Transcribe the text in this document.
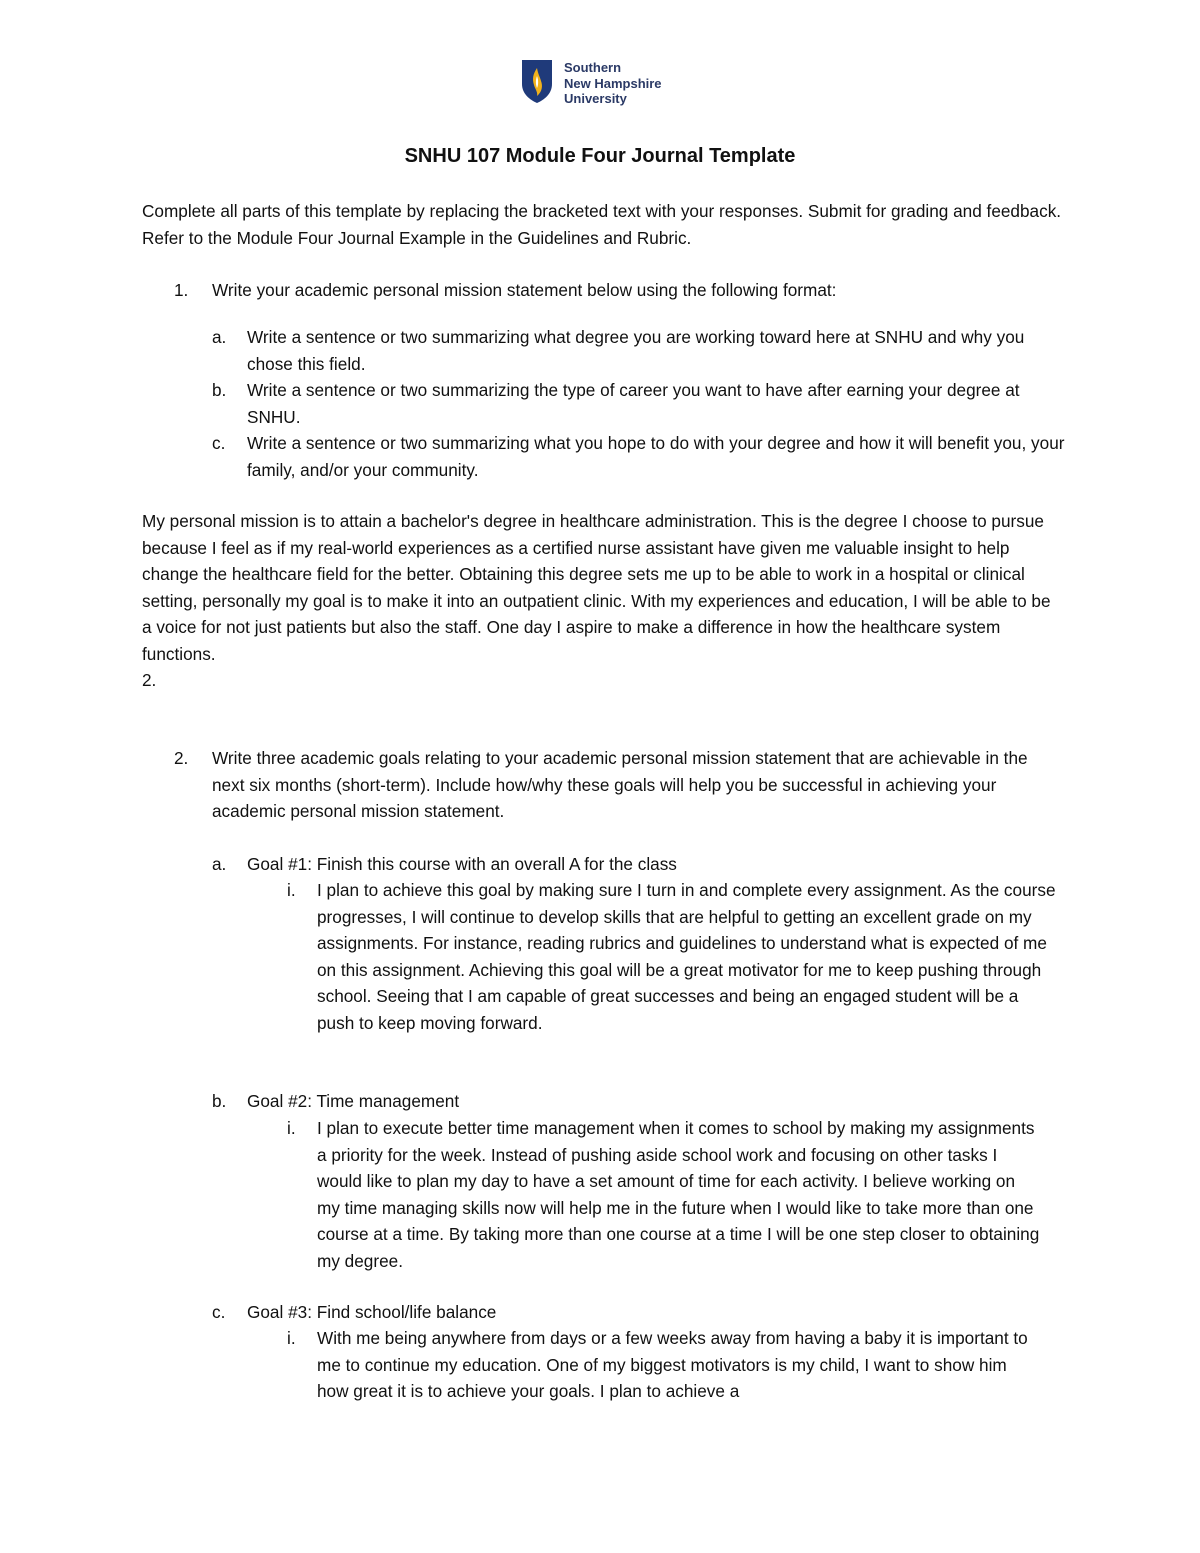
Southern
New Hampshire
University
SNHU 107 Module Four Journal Template
Complete all parts of this template by replacing the bracketed text with your responses. Submit for grading and feedback. Refer to the Module Four Journal Example in the Guidelines and Rubric.
1. Write your academic personal mission statement below using the following format:
a. Write a sentence or two summarizing what degree you are working toward here at SNHU and why you chose this field.
b. Write a sentence or two summarizing the type of career you want to have after earning your degree at SNHU.
c. Write a sentence or two summarizing what you hope to do with your degree and how it will benefit you, your family, and/or your community.
My personal mission is to attain a bachelor's degree in healthcare administration. This is the degree I choose to pursue because I feel as if my real-world experiences as a certified nurse assistant have given me valuable insight to help change the healthcare field for the better. Obtaining this degree sets me up to be able to work in a hospital or clinical setting, personally my goal is to make it into an outpatient clinic. With my experiences and education, I will be able to be a voice for not just patients but also the staff. One day I aspire to make a difference in how the healthcare system functions.
2.
2. Write three academic goals relating to your academic personal mission statement that are achievable in the next six months (short-term). Include how/why these goals will help you be successful in achieving your academic personal mission statement.
a. Goal #1: Finish this course with an overall A for the class
i. I plan to achieve this goal by making sure I turn in and complete every assignment. As the course progresses, I will continue to develop skills that are helpful to getting an excellent grade on my assignments. For instance, reading rubrics and guidelines to understand what is expected of me on this assignment. Achieving this goal will be a great motivator for me to keep pushing through school. Seeing that I am capable of great successes and being an engaged student will be a push to keep moving forward.
b. Goal #2: Time management
i. I plan to execute better time management when it comes to school by making my assignments a priority for the week. Instead of pushing aside school work and focusing on other tasks I would like to plan my day to have a set amount of time for each activity. I believe working on my time managing skills now will help me in the future when I would like to take more than one course at a time. By taking more than one course at a time I will be one step closer to obtaining my degree.
c. Goal #3: Find school/life balance
i. With me being anywhere from days or a few weeks away from having a baby it is important to me to continue my education. One of my biggest motivators is my child, I want to show him how great it is to achieve your goals. I plan to achieve a
